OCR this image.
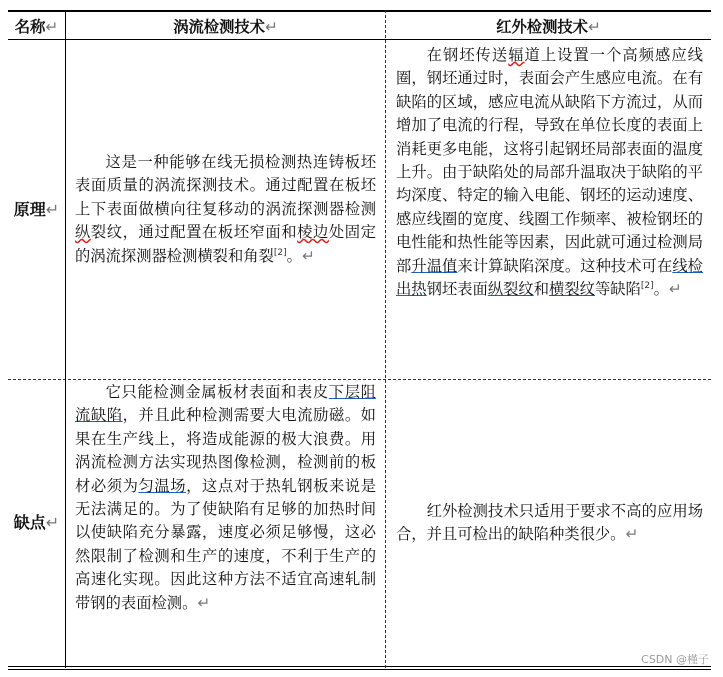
名称↵	涡流检测技术↵	红外检测技术↵
原理 ↵
缺点 ↵
这是一种能够在线无损检测热连铸板坯表面质量的涡流探测技术。通过配置在板坯上下表面做横向往复移动的涡流探测器检测纵裂纹，通过配置在板坯窄面和棱边处固定的涡流探测器检测横裂和角裂[2]。↵
在钢坯传送辐道上设置一个高频感应线圈，钢坯通过时，表面会产生感应电流。在有缺陷的区域，感应电流从缺陷下方流过，从而增加了电流的行程，导致在单位长度的表面上消耗更多电能，这将引起钢坯局部表面的温度上升。由于缺陷处的局部升温取决于缺陷的平均深度、特定的输入电能、钢坯的运动速度、感应线圈的宽度、线圈工作频率、被检钢坯的电性能和热性能等因素，因此就可通过检测局部升温值来计算缺陷深度。这种技术可在线检出热钢坯表面纵裂纹和横裂纹等缺陷[2]。↵
它只能检测金属板材表面和表皮下层阻流缺陷，并且此种检测需要大电流励磁。如果在生产线上，将造成能源的极大浪费。用涡流检测方法实现热图像检测，检测前的板材必须为匀温场，这点对于热轧钢板来说是无法满足的。为了使缺陷有足够的加热时间以使缺陷充分暴露，速度必须足够慢，这必然限制了检测和生产的速度，不利于生产的高速化实现。因此这种方法不适宜高速轧制带钢的表面检测。↵
红外检测技术只适用于要求不高的应用场合，并且可检出的缺陷种类很少。↵
CSDN @槿子
